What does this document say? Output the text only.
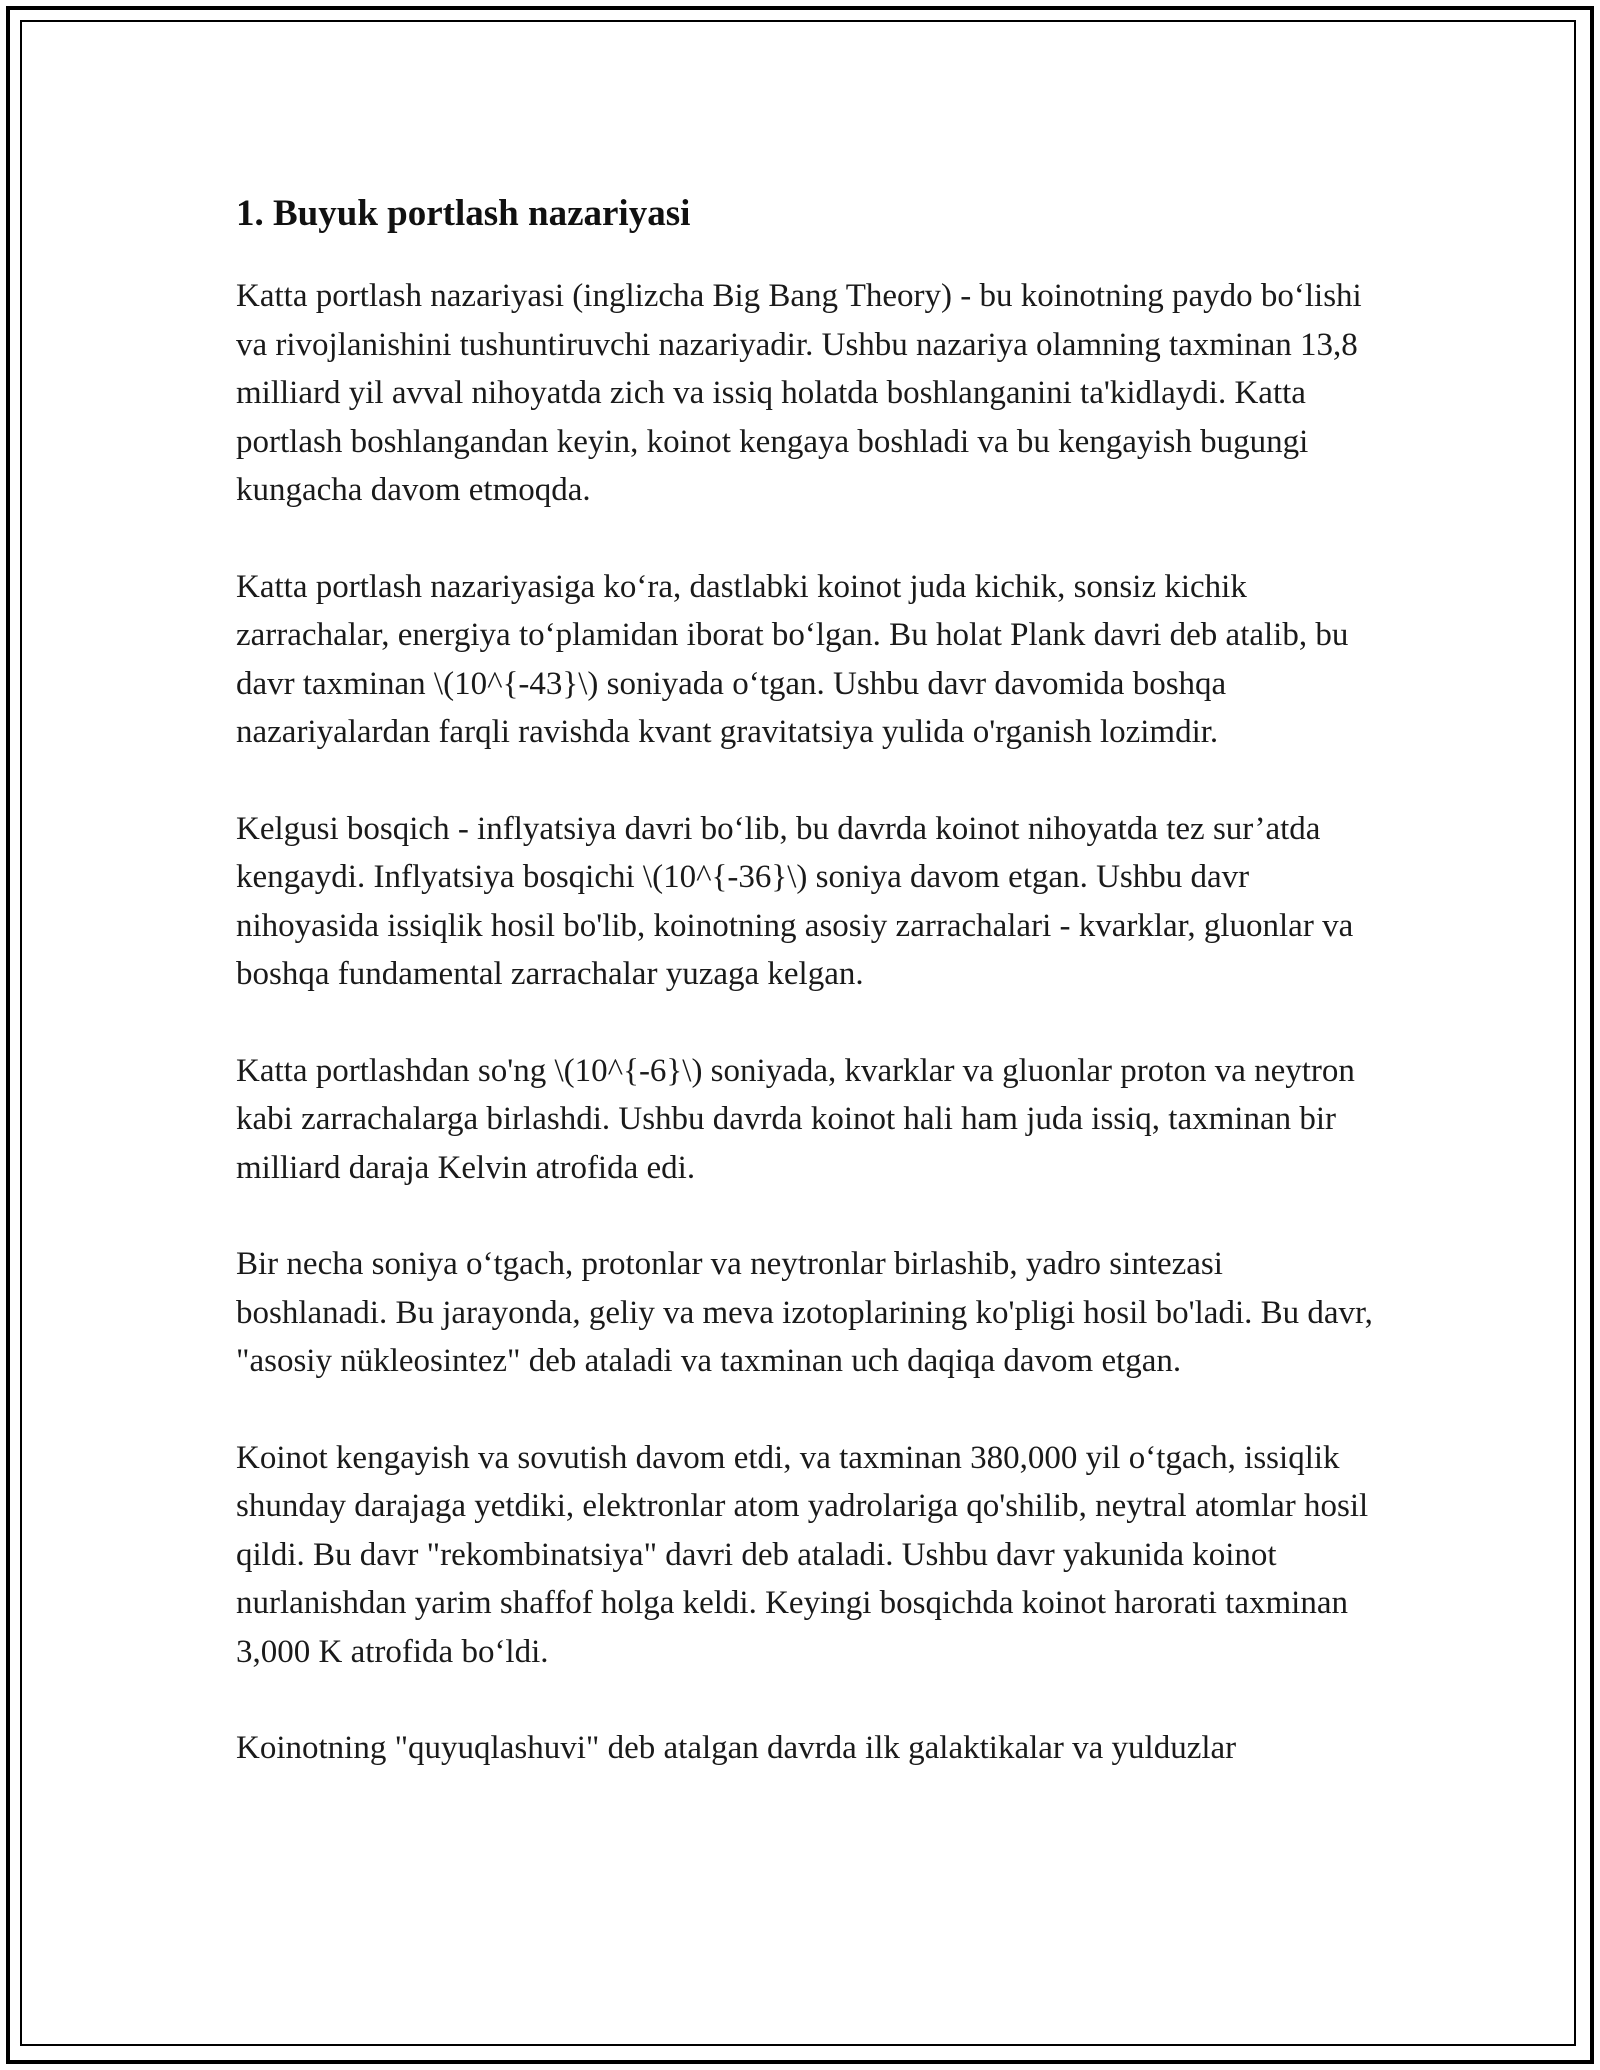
1. Buyuk portlash nazariyasi

Katta portlash nazariyasi (inglizcha Big Bang Theory) - bu koinotning paydo bo‘lishi va rivojlanishini tushuntiruvchi nazariyadir. Ushbu nazariya olamning taxminan 13,8 milliard yil avval nihoyatda zich va issiq holatda boshlanganini ta'kidlaydi. Katta portlash boshlangandan keyin, koinot kengaya boshladi va bu kengayish bugungi kungacha davom etmoqda.

Katta portlash nazariyasiga ko‘ra, dastlabki koinot juda kichik, sonsiz kichik zarrachalar, energiya to‘plamidan iborat bo‘lgan. Bu holat Plank davri deb atalib, bu davr taxminan \(10^{-43}\) soniyada o‘tgan. Ushbu davr davomida boshqa nazariyalardan farqli ravishda kvant gravitatsiya yulida o'rganish lozimdir.

Kelgusi bosqich - inflyatsiya davri bo‘lib, bu davrda koinot nihoyatda tez sur’atda kengaydi. Inflyatsiya bosqichi \(10^{-36}\) soniya davom etgan. Ushbu davr nihoyasida issiqlik hosil bo'lib, koinotning asosiy zarrachalari - kvarklar, gluonlar va boshqa fundamental zarrachalar yuzaga kelgan.

Katta portlashdan so'ng \(10^{-6}\) soniyada, kvarklar va gluonlar proton va neytron kabi zarrachalarga birlashdi. Ushbu davrda koinot hali ham juda issiq, taxminan bir milliard daraja Kelvin atrofida edi.

Bir necha soniya o‘tgach, protonlar va neytronlar birlashib, yadro sintezasi boshlanadi. Bu jarayonda, geliy va meva izotoplarining ko'pligi hosil bo'ladi. Bu davr, "asosiy nükleosintez" deb ataladi va taxminan uch daqiqa davom etgan.

Koinot kengayish va sovutish davom etdi, va taxminan 380,000 yil o‘tgach, issiqlik shunday darajaga yetdiki, elektronlar atom yadrolariga qo'shilib, neytral atomlar hosil qildi. Bu davr "rekombinatsiya" davri deb ataladi. Ushbu davr yakunida koinot nurlanishdan yarim shaffof holga keldi. Keyingi bosqichda koinot harorati taxminan 3,000 K atrofida bo‘ldi.

Koinotning "quyuqlashuvi" deb atalgan davrda ilk galaktikalar va yulduzlar
